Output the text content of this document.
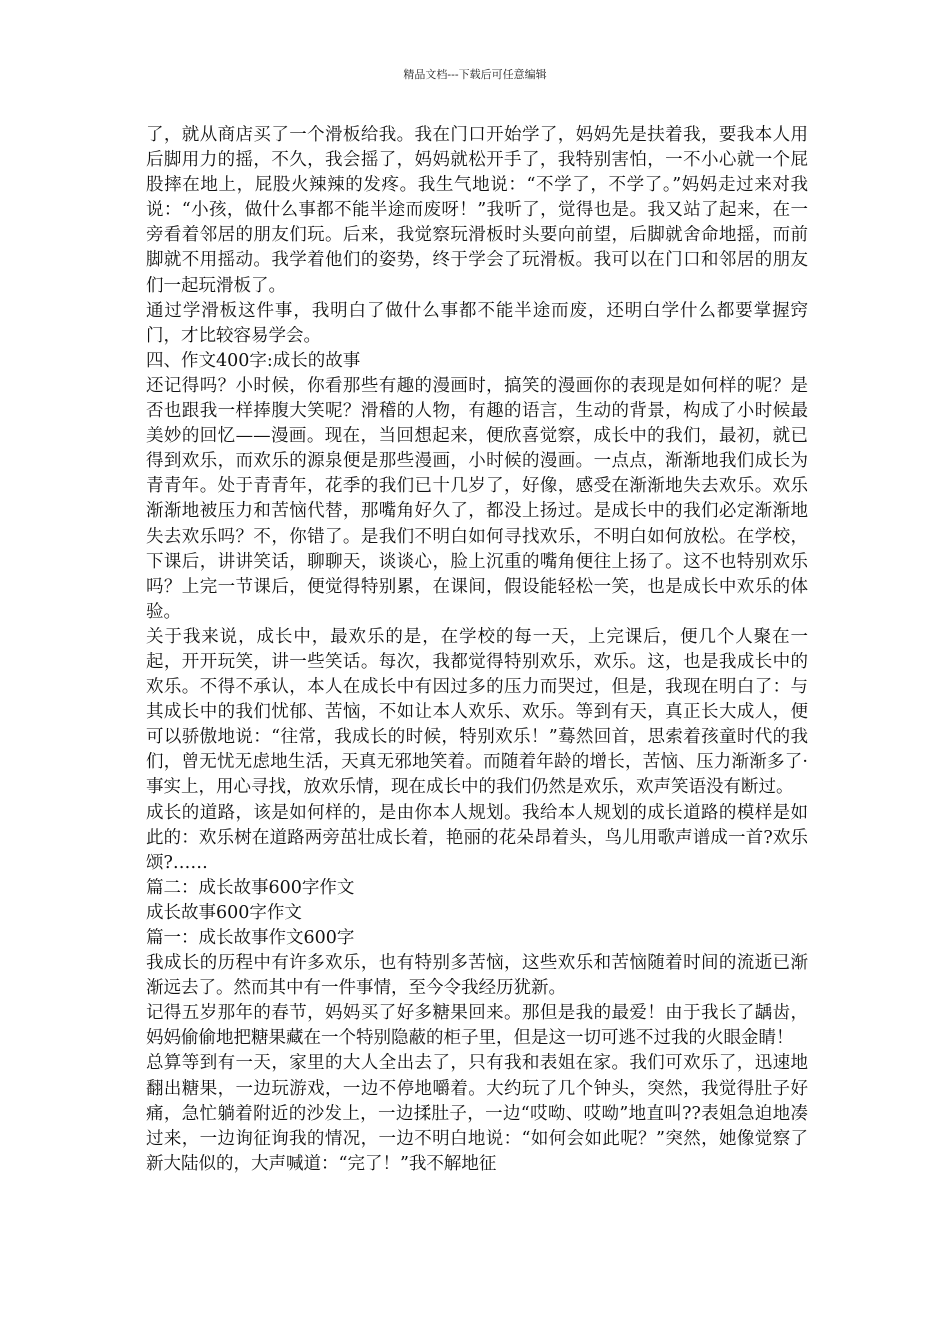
精品文档---下载后可任意编辑

了，就从商店买了一个滑板给我。我在门口开始学了，妈妈先是扶着我，要我本人用后脚用力的摇，不久，我会摇了，妈妈就松开手了，我特别害怕，一不小心就一个屁股摔在地上，屁股火辣辣的发疼。我生气地说：“不学了，不学了。”妈妈走过来对我说：“小孩，做什么事都不能半途而废呀！”我听了，觉得也是。我又站了起来，在一旁看着邻居的朋友们玩。后来，我觉察玩滑板时头要向前望，后脚就舍命地摇，而前脚就不用摇动。我学着他们的姿势，终于学会了玩滑板。我可以在门口和邻居的朋友们一起玩滑板了。

通过学滑板这件事，我明白了做什么事都不能半途而废，还明白学什么都要掌握窍门，才比较容易学会。

四、作文400字:成长的故事

还记得吗？小时候，你看那些有趣的漫画时，搞笑的漫画你的表现是如何样的呢？是否也跟我一样捧腹大笑呢？滑稽的人物，有趣的语言，生动的背景，构成了小时候最美妙的回忆——漫画。现在，当回想起来，便欣喜觉察，成长中的我们，最初，就已得到欢乐，而欢乐的源泉便是那些漫画，小时候的漫画。一点点，渐渐地我们成长为青青年。处于青青年，花季的我们已十几岁了，好像，感受在渐渐地失去欢乐。欢乐渐渐地被压力和苦恼代替，那嘴角好久了，都没上扬过。是成长中的我们必定渐渐地失去欢乐吗？不，你错了。是我们不明白如何寻找欢乐，不明白如何放松。在学校，下课后，讲讲笑话，聊聊天，谈谈心，脸上沉重的嘴角便往上扬了。这不也特别欢乐吗？上完一节课后，便觉得特别累，在课间，假设能轻松一笑，也是成长中欢乐的体验。

关于我来说，成长中，最欢乐的是，在学校的每一天，上完课后，便几个人聚在一起，开开玩笑，讲一些笑话。每次，我都觉得特别欢乐，欢乐。这，也是我成长中的欢乐。不得不承认，本人在成长中有因过多的压力而哭过，但是，我现在明白了：与其成长中的我们忧郁、苦恼，不如让本人欢乐、欢乐。等到有天，真正长大成人，便可以骄傲地说：“往常，我成长的时候，特别欢乐！”蓦然回首，思索着孩童时代的我们，曾无忧无虑地生活，天真无邪地笑着。而随着年龄的增长，苦恼、压力渐渐多了·事实上，用心寻找，放欢乐情，现在成长中的我们仍然是欢乐，欢声笑语没有断过。

成长的道路，该是如何样的，是由你本人规划。我给本人规划的成长道路的模样是如此的：欢乐树在道路两旁茁壮成长着，艳丽的花朵昂着头，鸟儿用歌声谱成一首?欢乐颂?……

篇二：成长故事600字作文

成长故事600字作文

篇一：成长故事作文600字

我成长的历程中有许多欢乐，也有特别多苦恼，这些欢乐和苦恼随着时间的流逝已渐渐远去了。然而其中有一件事情，至今令我经历犹新。

记得五岁那年的春节，妈妈买了好多糖果回来。那但是我的最爱！由于我长了龋齿，妈妈偷偷地把糖果藏在一个特别隐蔽的柜子里，但是这一切可逃不过我的火眼金睛！

总算等到有一天，家里的大人全出去了，只有我和表姐在家。我们可欢乐了，迅速地翻出糖果，一边玩游戏，一边不停地嚼着。大约玩了几个钟头，突然，我觉得肚子好痛，急忙躺着附近的沙发上，一边揉肚子，一边“哎呦、哎呦”地直叫??表姐急迫地凑过来，一边询征询我的情况，一边不明白地说：“如何会如此呢？”突然，她像觉察了新大陆似的，大声喊道：“完了！”我不解地征
